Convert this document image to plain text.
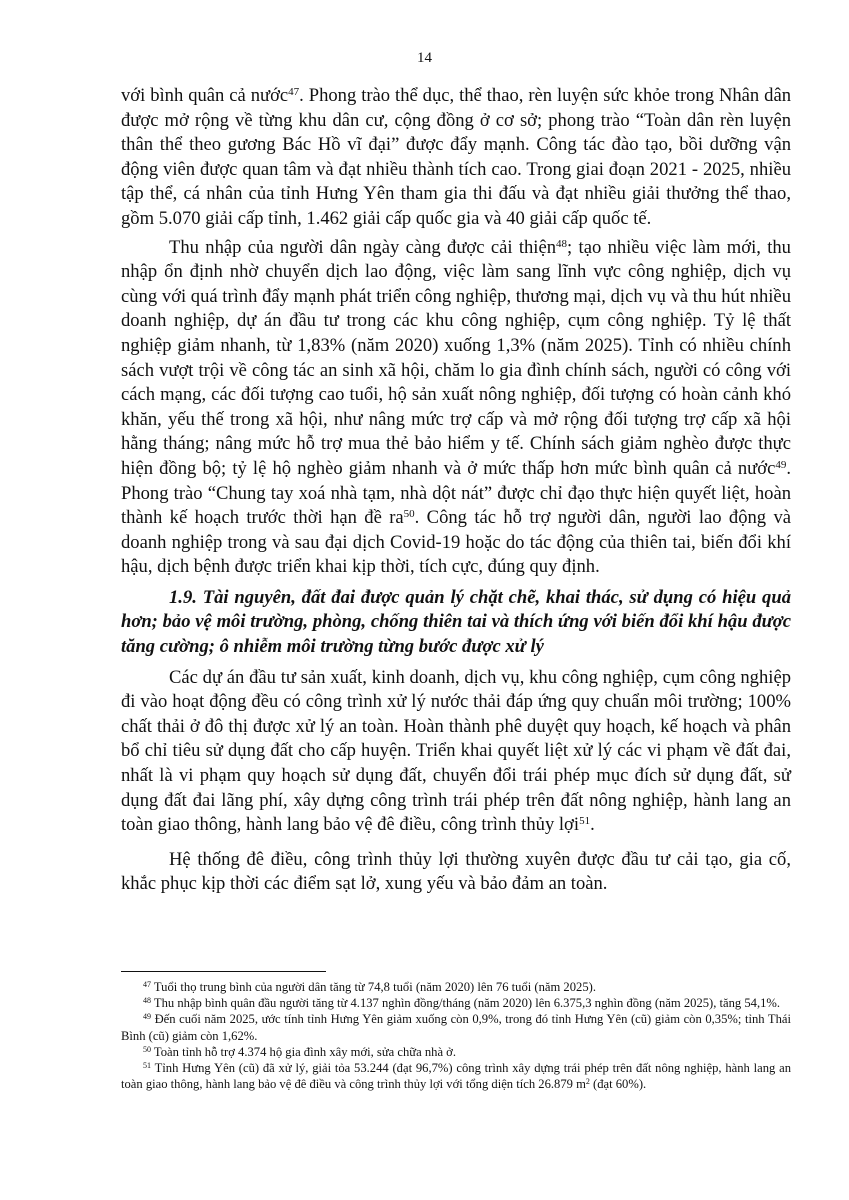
14

với bình quân cả nước$^{47}$. Phong trào thể dục, thể thao, rèn luyện sức khỏe trong Nhân dân được mở rộng về từng khu dân cư, cộng đồng ở cơ sở; phong trào “Toàn dân rèn luyện thân thể theo gương Bác Hồ vĩ đại” được đẩy mạnh. Công tác đào tạo, bồi dưỡng vận động viên được quan tâm và đạt nhiều thành tích cao. Trong giai đoạn 2021 - 2025, nhiều tập thể, cá nhân của tỉnh Hưng Yên tham gia thi đấu và đạt nhiều giải thưởng thể thao, gồm 5.070 giải cấp tỉnh, 1.462 giải cấp quốc gia và 40 giải cấp quốc tế.

Thu nhập của người dân ngày càng được cải thiện$^{48}$; tạo nhiều việc làm mới, thu nhập ổn định nhờ chuyển dịch lao động, việc làm sang lĩnh vực công nghiệp, dịch vụ cùng với quá trình đẩy mạnh phát triển công nghiệp, thương mại, dịch vụ và thu hút nhiều doanh nghiệp, dự án đầu tư trong các khu công nghiệp, cụm công nghiệp. Tỷ lệ thất nghiệp giảm nhanh, từ 1,83% (năm 2020) xuống 1,3% (năm 2025). Tỉnh có nhiều chính sách vượt trội về công tác an sinh xã hội, chăm lo gia đình chính sách, người có công với cách mạng, các đối tượng cao tuổi, hộ sản xuất nông nghiệp, đối tượng có hoàn cảnh khó khăn, yếu thế trong xã hội, như nâng mức trợ cấp và mở rộng đối tượng trợ cấp xã hội hằng tháng; nâng mức hỗ trợ mua thẻ bảo hiểm y tế. Chính sách giảm nghèo được thực hiện đồng bộ; tỷ lệ hộ nghèo giảm nhanh và ở mức thấp hơn mức bình quân cả nước$^{49}$. Phong trào “Chung tay xoá nhà tạm, nhà dột nát” được chỉ đạo thực hiện quyết liệt, hoàn thành kế hoạch trước thời hạn đề $ra^{50}$. Công tác hỗ trợ người dân, người lao động và doanh nghiệp trong và sau đại dịch Covid-19 hoặc do tác động của thiên tai, biến đổi khí hậu, dịch bệnh được triển khai kịp thời, tích cực, đúng quy định.

1.9. Tài nguyên, đất đai được quản lý chặt chẽ, khai thác, sử dụng có hiệu quả hơn; bảo vệ môi trường, phòng, chống thiên tai và thích ứng với biến đổi khí hậu được tăng cường; ô nhiễm môi trường từng bước được xử lý

Các dự án đầu tư sản xuất, kinh doanh, dịch vụ, khu công nghiệp, cụm công nghiệp đi vào hoạt động đều có công trình xử lý nước thải đáp ứng quy chuẩn môi trường; 100% chất thải ở đô thị được xử lý an toàn. Hoàn thành phê duyệt quy hoạch, kế hoạch và phân bổ chỉ tiêu sử dụng đất cho cấp huyện. Triển khai quyết liệt xử lý các vi phạm về đất đai, nhất là vi phạm quy hoạch sử dụng đất, chuyển đổi trái phép mục đích sử dụng đất, sử dụng đất đai lãng phí, xây dựng công trình trái phép trên đất nông nghiệp, hành lang an toàn giao thông, hành lang bảo vệ đê điều, công trình thủy lợi$^{51}$.

Hệ thống đê điều, công trình thủy lợi thường xuyên được đầu tư cải tạo, gia cố, khắc phục kịp thời các điểm sạt lở, xung yếu và bảo đảm an toàn.

$^{47}$ Tuổi thọ trung bình của người dân tăng từ 74,8 tuổi (năm 2020) lên 76 tuổi (năm 2025).

$^{48}$ Thu nhập bình quân đầu người tăng từ 4.137 nghìn đồng/tháng (năm 2020) lên 6.375,3 nghìn đồng (năm 2025), tăng 54,1%.

$^{49}$ Đến cuối năm 2025, ước tính tỉnh Hưng Yên giảm xuống còn 0,9%, trong đó tỉnh Hưng Yên (cũ) giảm còn 0,35%; tỉnh Thái Bình (cũ) giảm còn 1,62%.

$^{50}$ Toàn tỉnh hỗ trợ 4.374 hộ gia đình xây mới, sửa chữa nhà ở.

$^{51}$ Tỉnh Hưng Yên (cũ) đã xử lý, giải tỏa 53.244 (đạt 96,7%) công trình xây dựng trái phép trên đất nông nghiệp, hành lang an toàn giao thông, hành lang bảo vệ đê điều và công trình thủy lợi với tổng diện tích 26.879 $m^2$ (đạt 60%).
